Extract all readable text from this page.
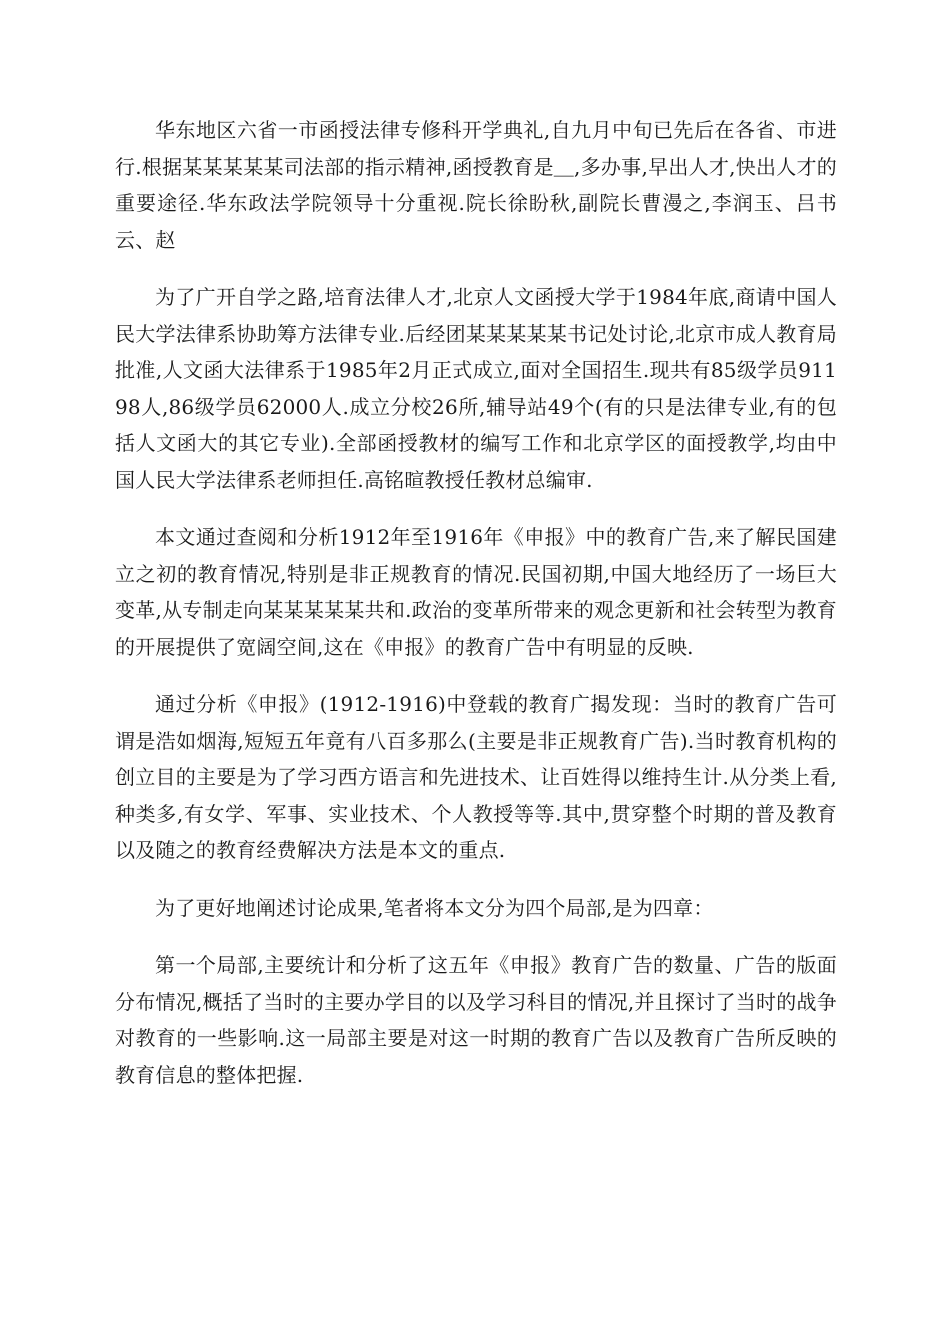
华东地区六省一市函授法律专修科开学典礼,自九月中旬已先后在各省、市进行.根据某某某某某司法部的指示精神,函授教育是＿,多办事,早出人才,快出人才的重要途径.华东政法学院领导十分重视.院长徐盼秋,副院长曹漫之,李润玉、吕书云、赵

为了广开自学之路,培育法律人才,北京人文函授大学于1984年底,商请中国人民大学法律系协助筹方法律专业.后经团某某某某某书记处讨论,北京市成人教育局批准,人文函大法律系于1985年2月正式成立,面对全国招生.现共有85级学员91198人,86级学员62000人.成立分校26所,辅导站49个(有的只是法律专业,有的包括人文函大的其它专业).全部函授教材的编写工作和北京学区的面授教学,均由中国人民大学法律系老师担任.高铭暄教授任教材总编审.

本文通过查阅和分析1912年至1916年《申报》中的教育广告,来了解民国建立之初的教育情况,特别是非正规教育的情况.民国初期,中国大地经历了一场巨大变革,从专制走向某某某某某共和.政治的变革所带来的观念更新和社会转型为教育的开展提供了宽阔空间,这在《申报》的教育广告中有明显的反映.

通过分析《申报》(1912-1916)中登载的教育广揭发现：当时的教育广告可谓是浩如烟海,短短五年竟有八百多那么(主要是非正规教育广告).当时教育机构的创立目的主要是为了学习西方语言和先进技术、让百姓得以维持生计.从分类上看,种类多,有女学、军事、实业技术、个人教授等等.其中,贯穿整个时期的普及教育以及随之的教育经费解决方法是本文的重点.

为了更好地阐述讨论成果,笔者将本文分为四个局部,是为四章：

第一个局部,主要统计和分析了这五年《申报》教育广告的数量、广告的版面分布情况,概括了当时的主要办学目的以及学习科目的情况,并且探讨了当时的战争对教育的一些影响.这一局部主要是对这一时期的教育广告以及教育广告所反映的教育信息的整体把握.
